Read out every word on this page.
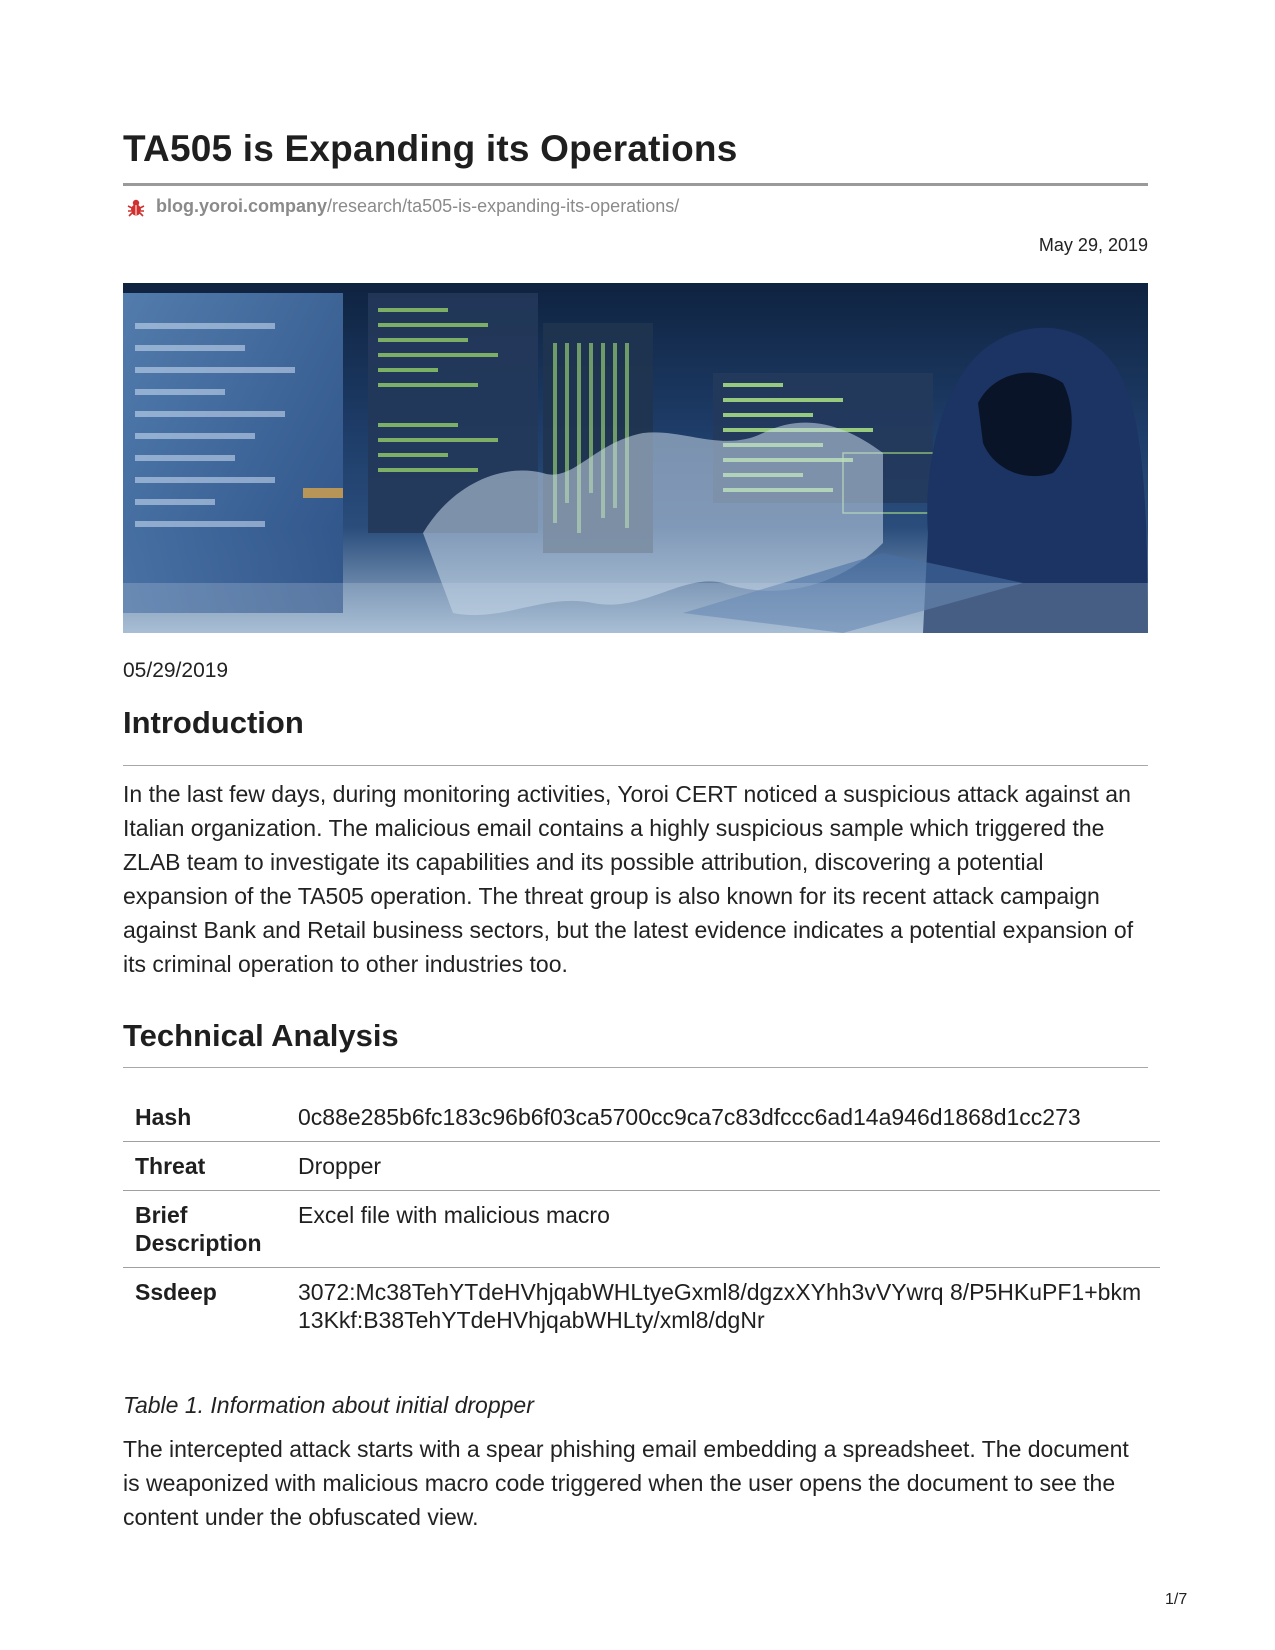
TA505 is Expanding its Operations
blog.yoroi.company /research/ta505-is-expanding-its-operations/
May 29, 2019
05/29/2019
Introduction

In the last few days, during monitoring activities, Yoroi CERT noticed a suspicious attack against an Italian organization. The malicious email contains a highly suspicious sample which triggered the ZLAB team to investigate its capabilities and its possible attribution, discovering a potential expansion of the TA505 operation. The threat group is also known for its recent attack campaign against Bank and Retail business sectors, but the latest evidence indicates a potential expansion of its criminal operation to other industries too.

Technical Analysis
Hash	0c88e285b6fc183c96b6f03ca5700cc9ca7c83dfccc6ad14a946d1868d1cc273
Threat	Dropper
Brief Description	Excel file with malicious macro
Ssdeep	3072:Mc38TehYTdeHVhjqabWHLtyeGxml8/dgzxXYhh3vVYwrq 8/P5HKuPF1+bkm13Kkf:B38TehYTdeHVhjqabWHLty/xml8/dgNr
Table 1. Information about initial dropper

The intercepted attack starts with a spear phishing email embedding a spreadsheet. The document is weaponized with malicious macro code triggered when the user opens the document to see the content under the obfuscated view.

1/7
